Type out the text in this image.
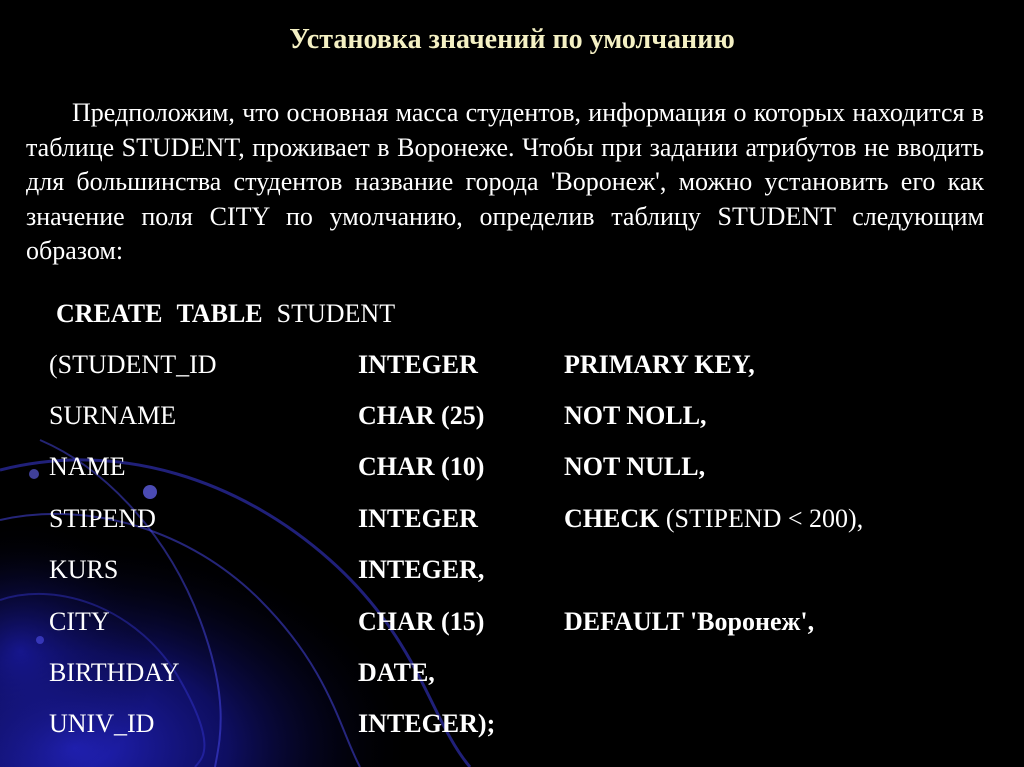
Установка значений по умолчанию
Предположим, что основная масса студентов, информация о которых находится в таблице STUDENT, проживает в Воронеже. Чтобы при задании атрибутов не вводить для большинства студентов название города 'Воронеж', можно установить его как значение поля CITY по умолчанию, определив таблицу STUDENT следующим образом:
CREATE TABLE STUDENT
(STUDENT_ID	INTEGER	PRIMARY KEY,
SURNAME	CHAR (25)	NOT NOLL,
NAME	CHAR (10)	NOT NULL,
STIPEND	INTEGER	CHECK (STIPEND < 200),
KURS	INTEGER,
CITY	CHAR (15)	DEFAULT 'Воронеж',
BIRTHDAY	DATE,
UNIV_ID	INTEGER);
